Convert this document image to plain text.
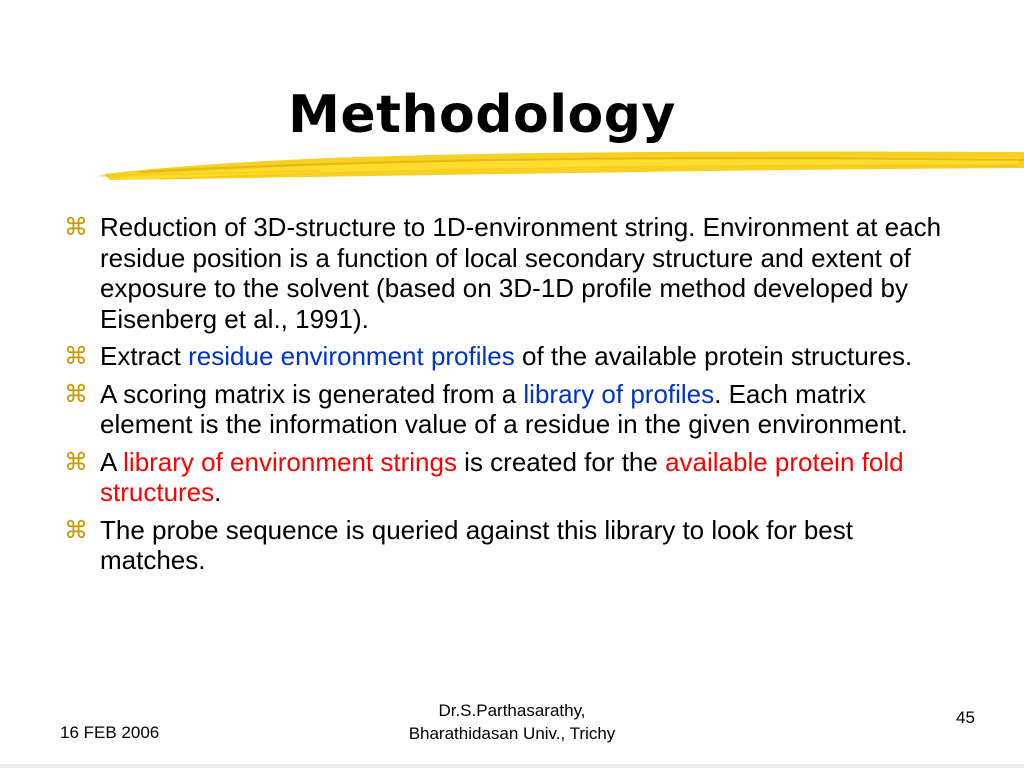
Methodology
⌘ Reduction of 3D-structure to 1D-environment string. Environment at each residue position is a function of local secondary structure and extent of exposure to the solvent (based on 3D-1D profile method developed by Eisenberg et al., 1991).
⌘ Extract residue environment profiles of the available protein structures.
⌘ A scoring matrix is generated from a library of profiles. Each matrix element is the information value of a residue in the given environment.
⌘ A library of environment strings is created for the available protein fold structures.
⌘ The probe sequence is queried against this library to look for best matches.
16 FEB 2006
Dr.S.Parthasarathy,
Bharathidasan Univ., Trichy
45
